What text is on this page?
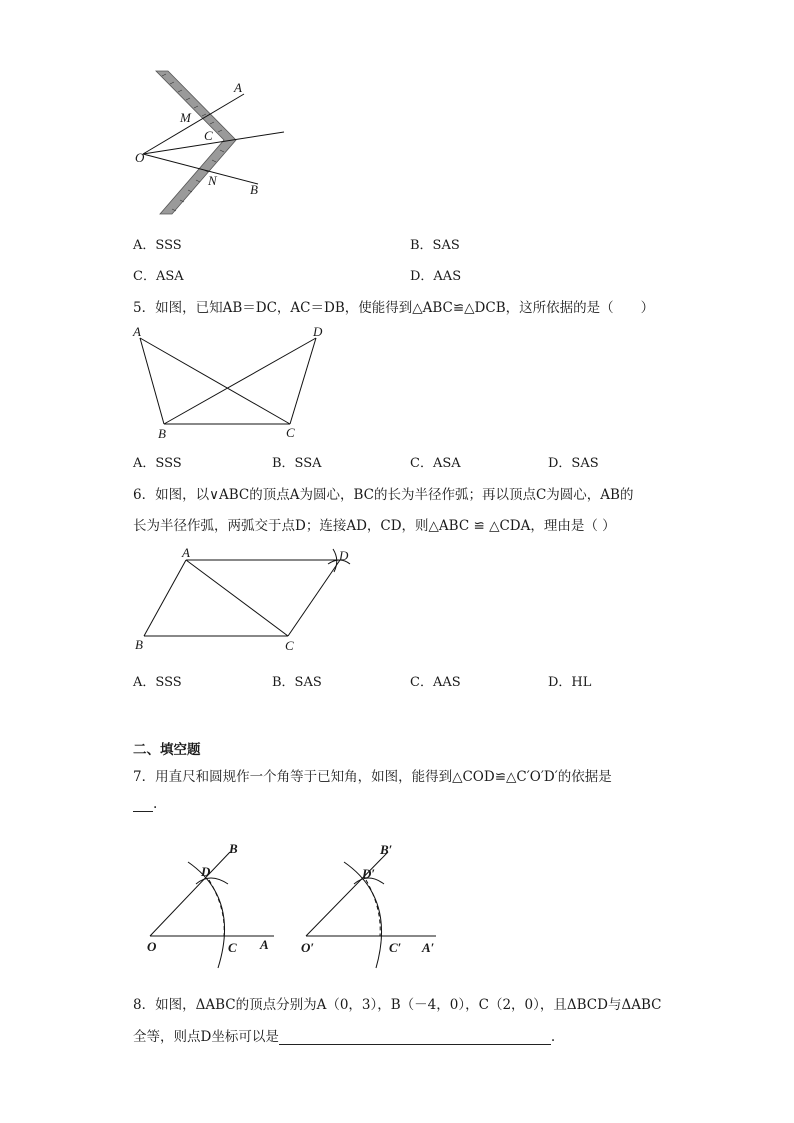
A
M
C
O
N
B
A．SSS	B．SAS
C．ASA	D．AAS
5．如图，已知AB＝DC，AC＝DB，使能得到△ABC≌△DCB，这所依据的是（　　）
A	D
B	C
A．SSS	B．SSA	C．ASA	D．SAS
6．如图，以∨ABC的顶点A为圆心，BC的长为半径作弧；再以顶点C为圆心，AB的
长为半径作弧，两弧交于点D；连接AD，CD，则△ABC ≌ △CDA，理由是（ ）
A	D
B	C
A．SSS	B．SAS	C．AAS	D．HL
二、填空题
7．用直尺和圆规作一个角等于已知角，如图，能得到△COD≌△C′O′D′的依据是
.
B
D
O	C A
B′
D′
O′	C′ A′
8．如图，ΔABC的顶点分别为A（0，3），B（－4，0），C（2，0），且ΔBCD与ΔABC
全等，则点D坐标可以是	.
